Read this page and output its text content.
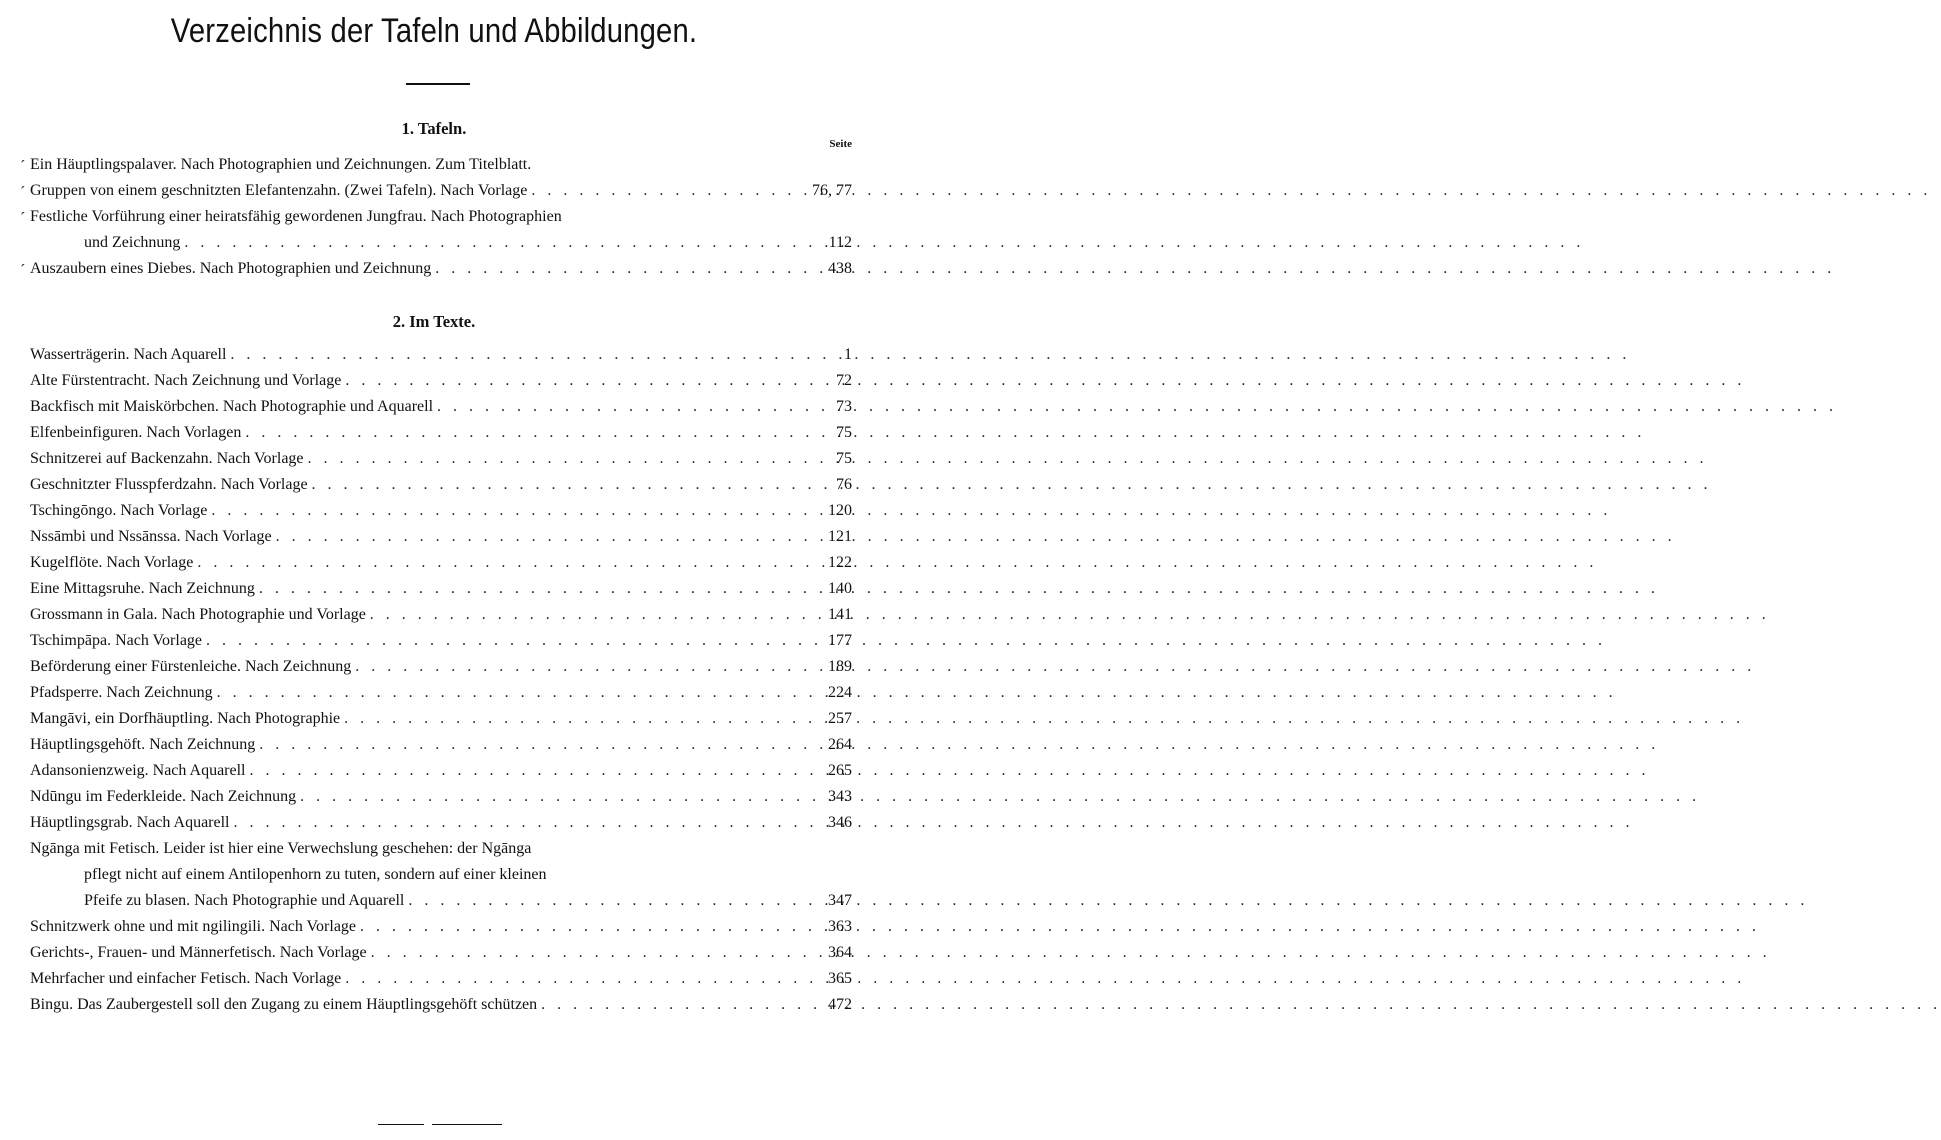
Verzeichnis der Tafeln und Abbildungen.
1. Tafeln.
Seite
ˊ Ein Häuptlingspalaver. Nach Photographien und Zeichnungen. Zum Titelblatt.
ˊ Gruppen von einem geschnitzten Elefantenzahn. (Zwei Tafeln). Nach Vorlage . . .	76, 77
ˊ Festliche Vorführung einer heiratsfähig gewordenen Jungfrau. Nach Photographien
und Zeichnung . . .	112
ˊ Auszaubern eines Diebes. Nach Photographien und Zeichnung . . .	438
2. Im Texte.
Wasserträgerin. Nach Aquarell . . .	1
Alte Fürstentracht. Nach Zeichnung und Vorlage . . .	72
Backfisch mit Maiskörbchen. Nach Photographie und Aquarell . . .	73
Elfenbeinfiguren. Nach Vorlagen . . .	75
Schnitzerei auf Backenzahn. Nach Vorlage . . .	75
Geschnitzter Flusspferdzahn. Nach Vorlage . . .	76
Tschingōngo. Nach Vorlage . . .	120
Nssāmbi und Nssānssa. Nach Vorlage . . .	121
Kugelflöte. Nach Vorlage . . .	122
Eine Mittagsruhe. Nach Zeichnung . . .	140
Grossmann in Gala. Nach Photographie und Vorlage . . .	141
Tschimpāpa. Nach Vorlage . . .	177
Beförderung einer Fürstenleiche. Nach Zeichnung . . .	189
Pfadsperre. Nach Zeichnung . . .	224
Mangāvi, ein Dorfhäuptling. Nach Photographie . . .	257
Häuptlingsgehöft. Nach Zeichnung . . .	264
Adansonienzweig. Nach Aquarell . . .	265
Ndūngu im Federkleide. Nach Zeichnung . . .	343
Häuptlingsgrab. Nach Aquarell . . .	346
Ngānga mit Fetisch. Leider ist hier eine Verwechslung geschehen: der Ngānga
pflegt nicht auf einem Antilopenhorn zu tuten, sondern auf einer kleinen
Pfeife zu blasen. Nach Photographie und Aquarell . . .	347
Schnitzwerk ohne und mit ngilingili. Nach Vorlage . . .	363
Gerichts-, Frauen- und Männerfetisch. Nach Vorlage . . .	364
Mehrfacher und einfacher Fetisch. Nach Vorlage . . .	365
Bingu. Das Zaubergestell soll den Zugang zu einem Häuptlingsgehöft schützen . . .	472
